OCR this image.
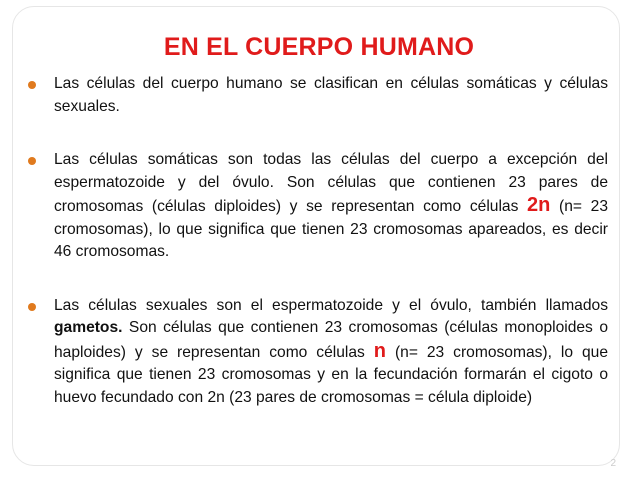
EN EL CUERPO HUMANO
Las células del cuerpo humano se clasifican en células somáticas y células sexuales.
Las células somáticas son todas las células del cuerpo a excepción del espermatozoide y del óvulo. Son células que contienen 23 pares de cromosomas (células diploides) y se representan como células 2n (n= 23 cromosomas), lo que significa que tienen 23 cromosomas apareados, es decir 46 cromosomas.
Las células sexuales son el espermatozoide y el óvulo, también llamados gametos. Son células que contienen 23 cromosomas (células monoploides o haploides) y se representan como células n (n= 23 cromosomas), lo que significa que tienen 23 cromosomas y en la fecundación formarán el cigoto o huevo fecundado con 2n (23 pares de cromosomas = célula diploide)
2
